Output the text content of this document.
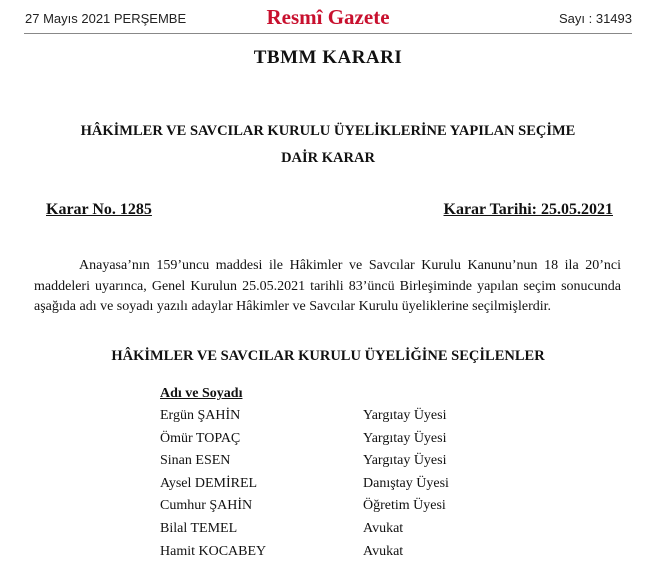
27 Mayıs 2021 PERŞEMBE	Resmî Gazete	Sayı : 31493
TBMM KARARI
HÂKİMLER VE SAVCILAR KURULU ÜYELİKLERİNE YAPILAN SEÇİME
DAİR KARAR
Karar No. 1285	Karar Tarihi: 25.05.2021
Anayasa’nın 159’uncu maddesi ile Hâkimler ve Savcılar Kurulu Kanunu’nun 18 ila 20’nci maddeleri uyarınca, Genel Kurulun 25.05.2021 tarihli 83’üncü Birleşiminde yapılan seçim sonucunda aşağıda adı ve soyadı yazılı adaylar Hâkimler ve Savcılar Kurulu üyeliklerine seçilmişlerdir.
HÂKİMLER VE SAVCILAR KURULU ÜYELİĞİNE SEÇİLENLER
Adı ve Soyadı
Ergün ŞAHİN	Yargıtay Üyesi
Ömür TOPAÇ	Yargıtay Üyesi
Sinan ESEN	Yargıtay Üyesi
Aysel DEMİREL	Danıştay Üyesi
Cumhur ŞAHİN	Öğretim Üyesi
Bilal TEMEL	Avukat
Hamit KOCABEY	Avukat
